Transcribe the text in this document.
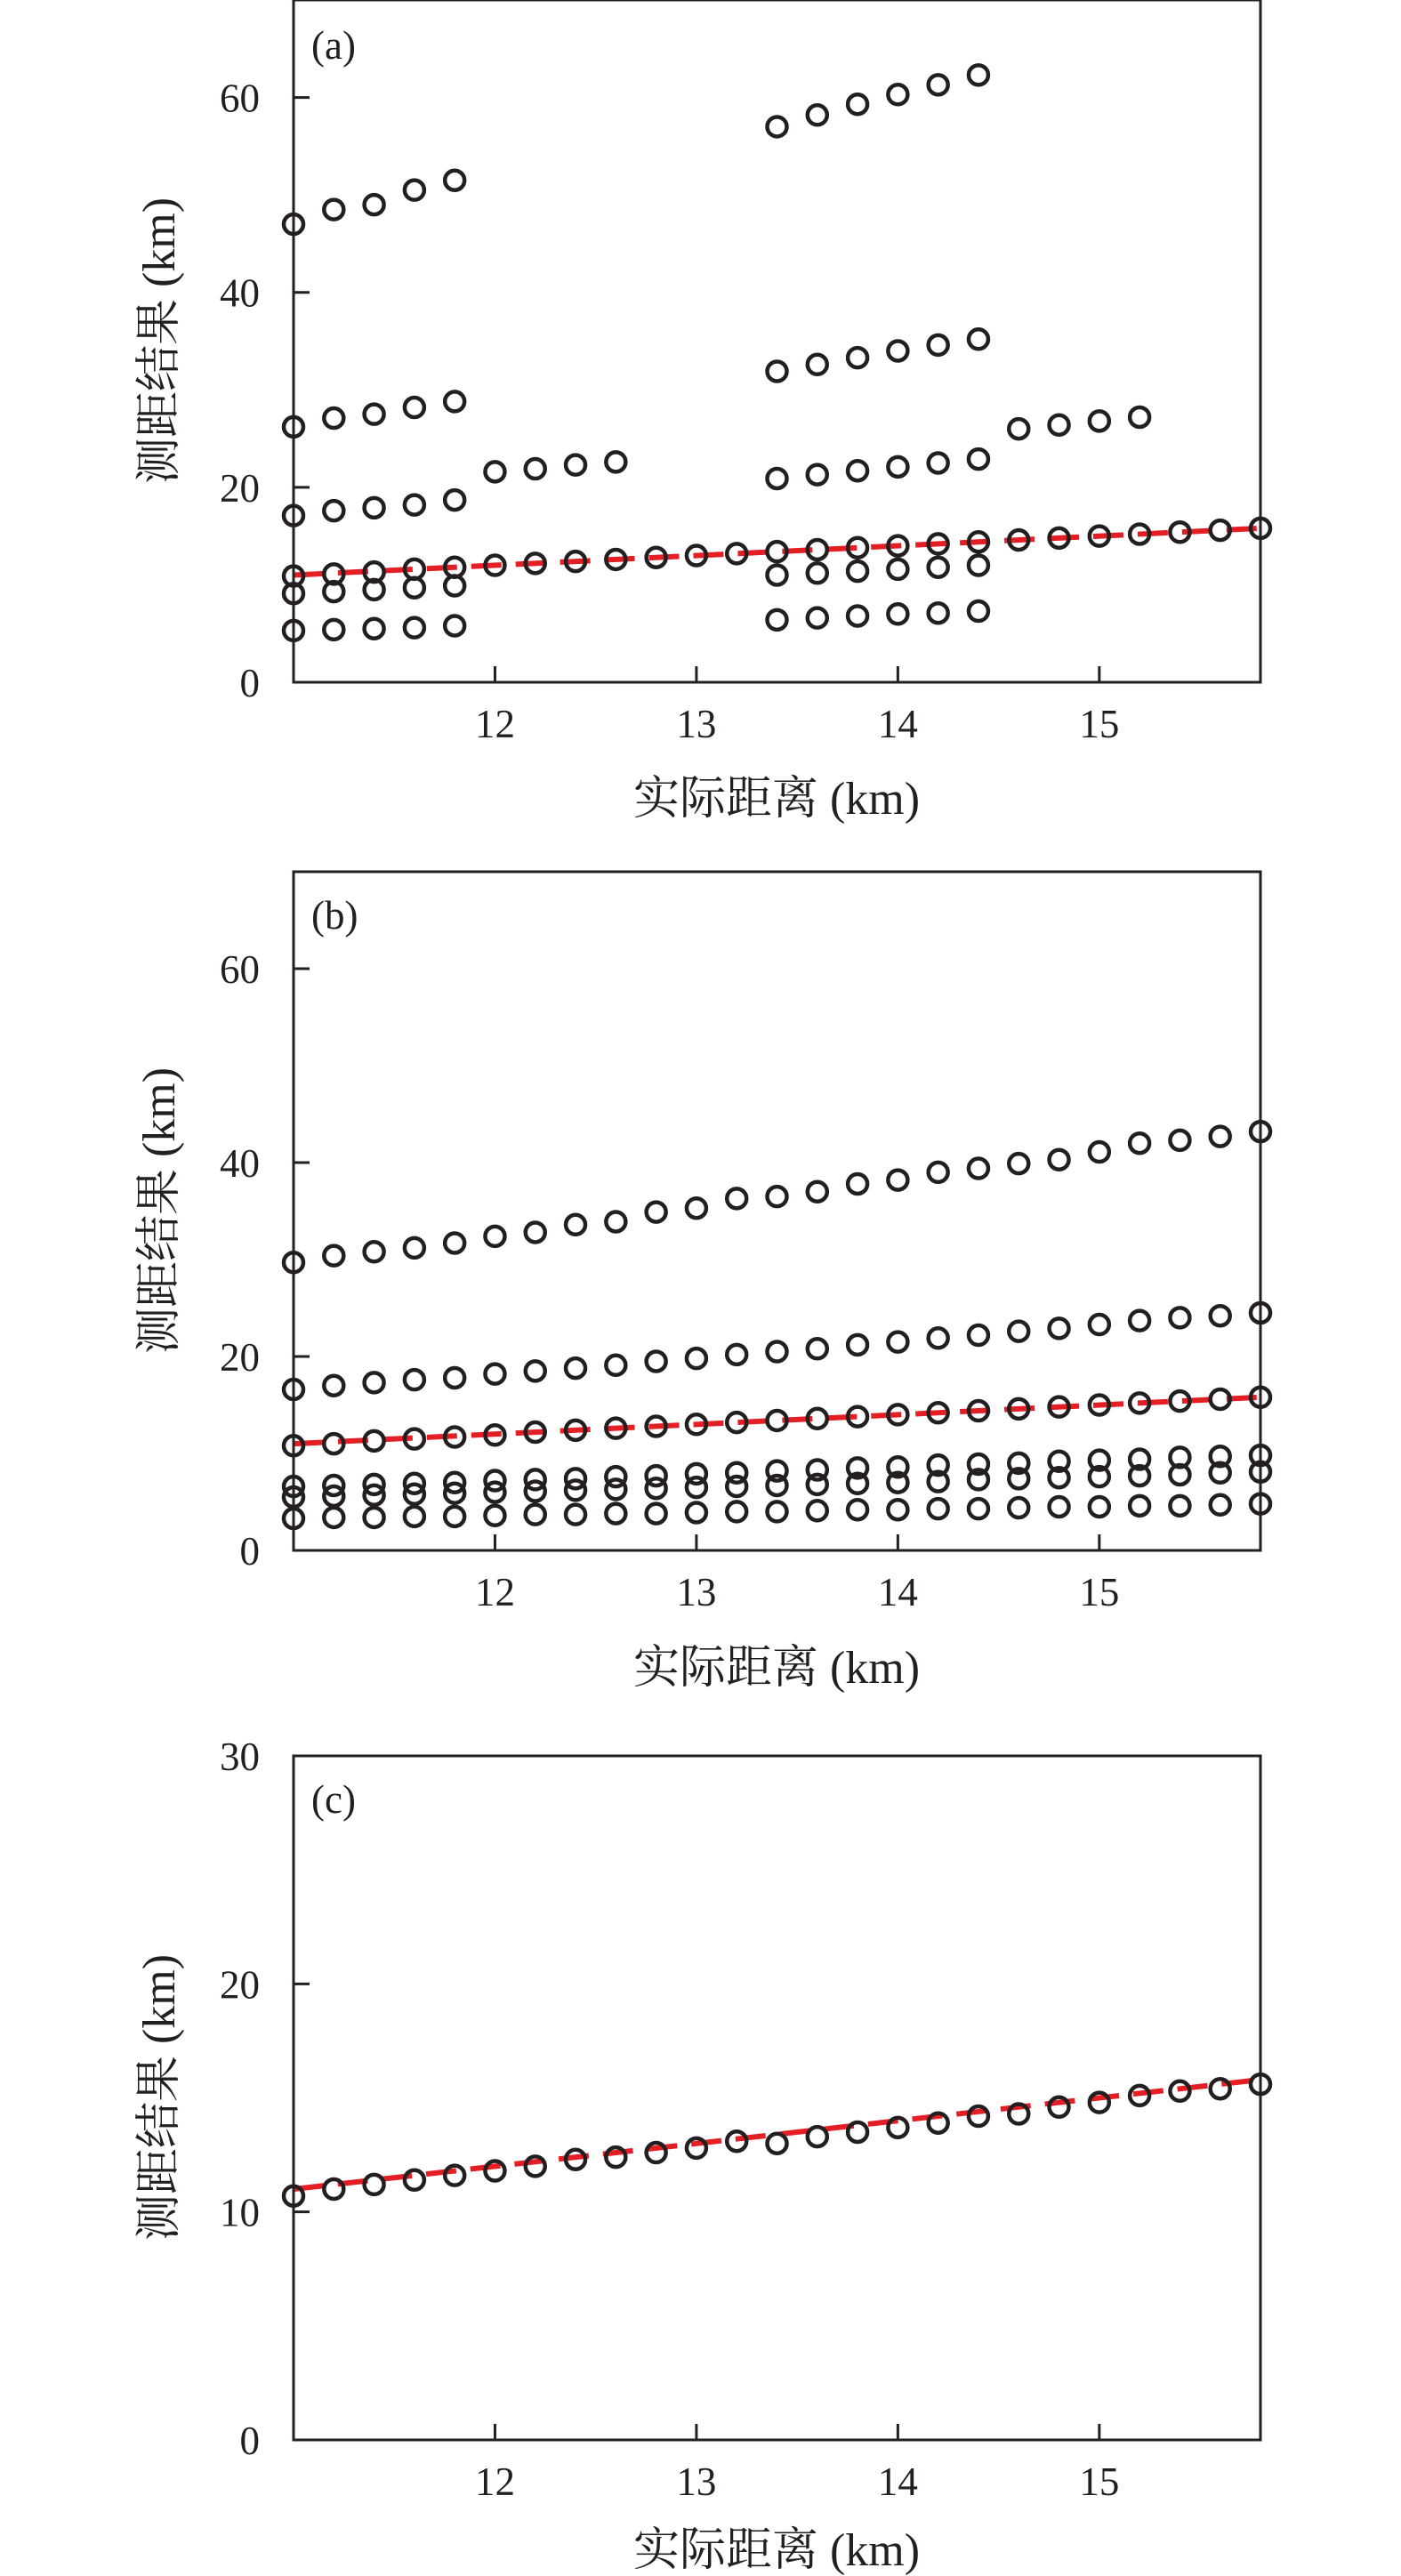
12	13	14	15
0
20
40
60
(a)
实际距离 (km)
测距结果 (km)
12	13	14	15
0
20
40
60
(b)
实际距离 (km)
测距结果 (km)
12	13	14	15
0
10
20
30
(c)
实际距离 (km)
测距结果 (km)
